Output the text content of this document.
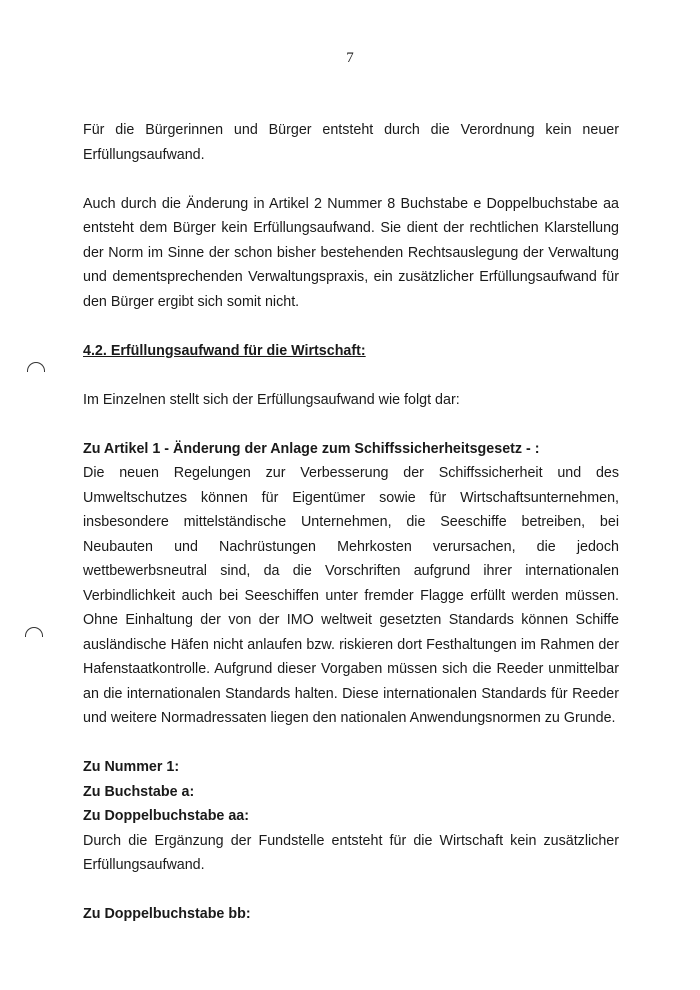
7

Für die Bürgerinnen und Bürger entsteht durch die Verordnung kein neuer Erfüllungsaufwand.

Auch durch die Änderung in Artikel 2 Nummer 8 Buchstabe e Doppelbuchstabe aa entsteht dem Bürger kein Erfüllungsaufwand. Sie dient der rechtlichen Klarstellung der Norm im Sinne der schon bisher bestehenden Rechtsauslegung der Verwaltung und dementsprechenden Verwaltungspraxis, ein zusätzlicher Erfüllungsaufwand für den Bürger ergibt sich somit nicht.

4.2. Erfüllungsaufwand für die Wirtschaft:

Im Einzelnen stellt sich der Erfüllungsaufwand wie folgt dar:

Zu Artikel 1 - Änderung der Anlage zum Schiffssicherheitsgesetz - :

Die neuen Regelungen zur Verbesserung der Schiffssicherheit und des Umweltschutzes können für Eigentümer sowie für Wirtschaftsunternehmen, insbesondere mittelständische Unternehmen, die Seeschiffe betreiben, bei Neubauten und Nachrüstungen Mehrkosten verursachen, die jedoch wettbewerbsneutral sind, da die Vorschriften aufgrund ihrer internationalen Verbindlichkeit auch bei Seeschiffen unter fremder Flagge erfüllt werden müssen. Ohne Einhaltung der von der IMO weltweit gesetzten Standards können Schiffe ausländische Häfen nicht anlaufen bzw. riskieren dort Festhaltungen im Rahmen der Hafenstaatkontrolle. Aufgrund dieser Vorgaben müssen sich die Reeder unmittelbar an die internationalen Standards halten. Diese internationalen Standards für Reeder und weitere Normadressaten liegen den nationalen Anwendungsnormen zu Grunde.

Zu Nummer 1:

Zu Buchstabe a:

Zu Doppelbuchstabe aa:

Durch die Ergänzung der Fundstelle entsteht für die Wirtschaft kein zusätzlicher Erfüllungsaufwand.

Zu Doppelbuchstabe bb:
